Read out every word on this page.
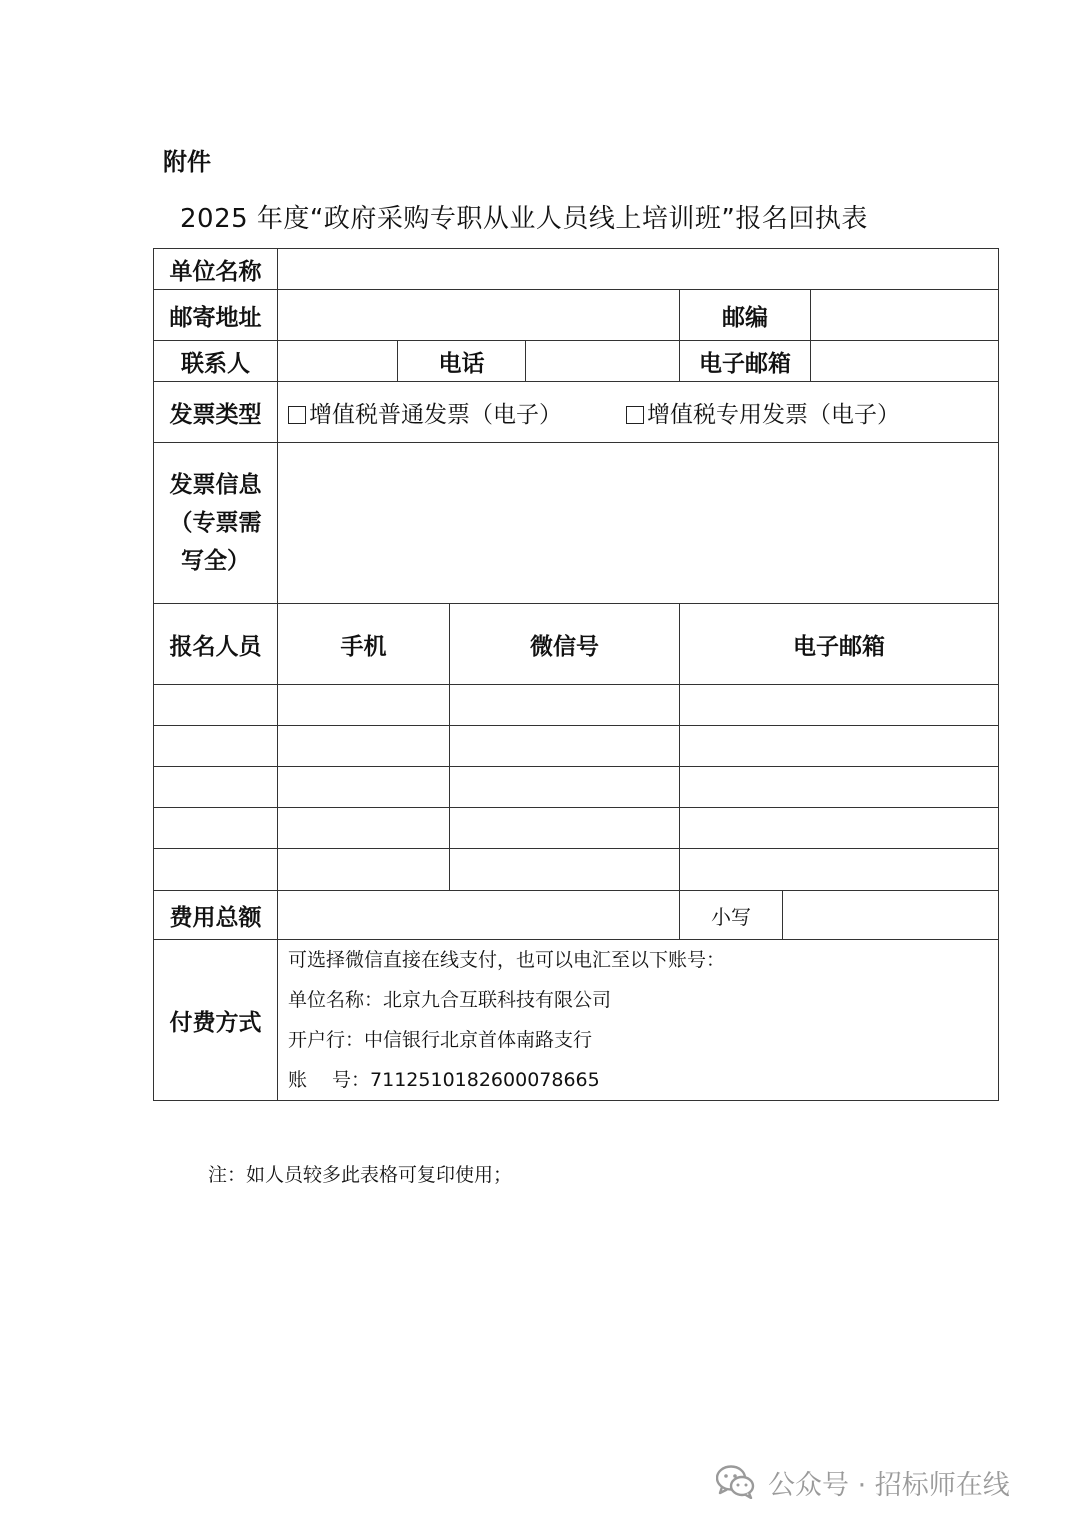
附件
2025 年度“政府采购专职从业人员线上培训班”报名回执表
单位名称							
邮寄地址					邮编		
联系人		电话			电子邮箱		
发票类型	增值税普通发票（电子） 增值税专用发票（电子）						

发票信息
（专票需
写全）							

报名人员	手机		微信号		电子邮箱		

费用总额					小写		
付费方式	可选择微信直接在线支付，也可以电汇至以下账号：
单位名称：北京九合互联科技有限公司
开户行：中信银行北京首体南路支行
账　 号：7112510182600078665						
注：如人员较多此表格可复印使用；
公众号 · 招标师在线
